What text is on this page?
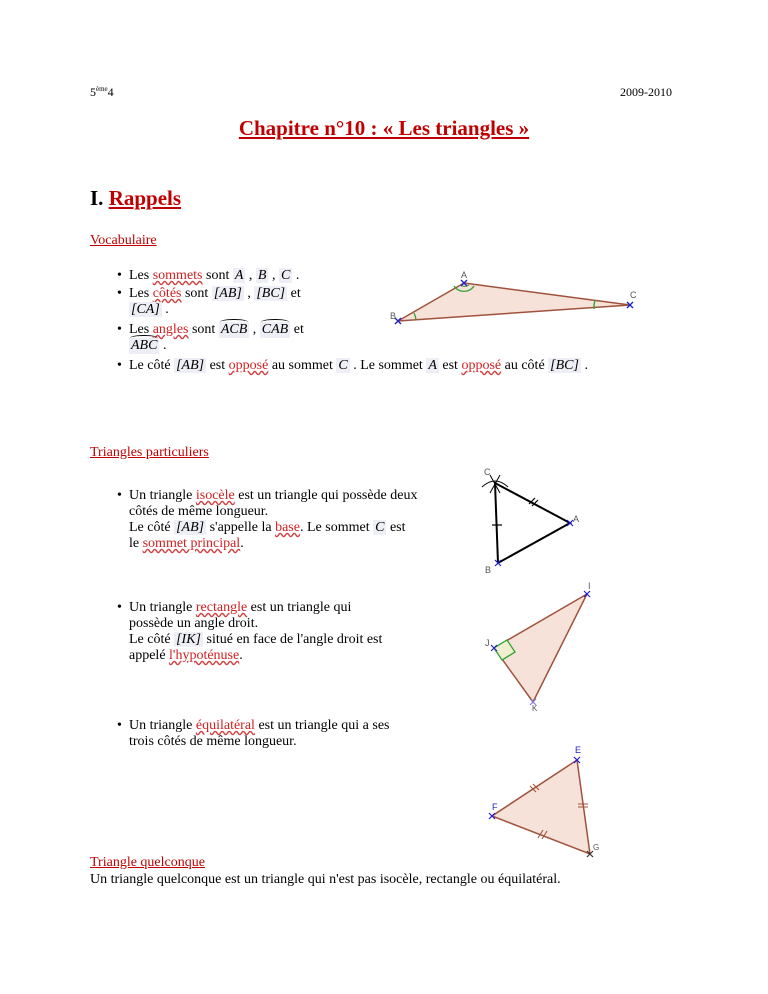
5ème4	2009-2010
Chapitre n°10 : « Les triangles »
I. Rappels
Vocabulaire
• Les sommets sont A , B , C .
• Les côtés sont [AB] , [BC] et
[CA] .
• Les angles sont ACB , CAB et
ABC .
• Le côté [AB] est opposé au sommet C . Le sommet A est opposé au côté [BC] .
A
C
B
Triangles particuliers
• Un triangle isocèle est un triangle qui possède deux
côtés de même longueur.
Le côté [AB] s'appelle la base. Le sommet C est
le sommet principal.
C
A
B
• Un triangle rectangle est un triangle qui
possède un angle droit.
Le côté [IK] situé en face de l'angle droit est
appelé l'hypoténuse.
I
J
K
• Un triangle équilatéral est un triangle qui a ses
trois côtés de même longueur.
E
F
G
Triangle quelconque
Un triangle quelconque est un triangle qui n'est pas isocèle, rectangle ou équilatéral.
